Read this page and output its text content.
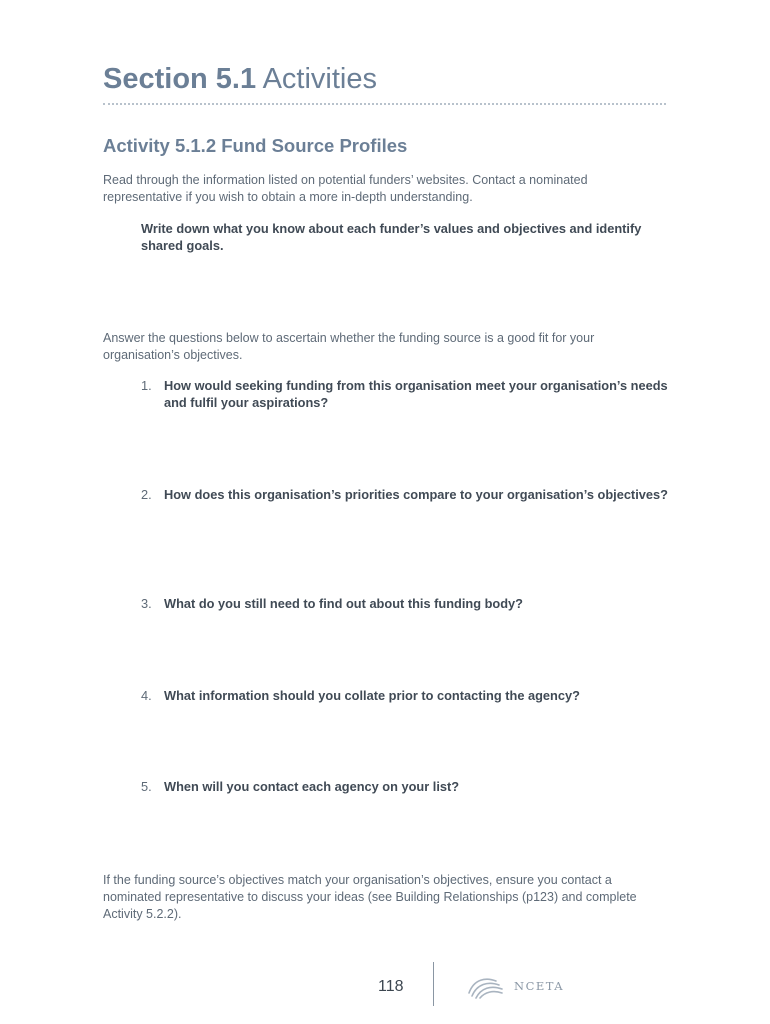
Section 5.1 Activities
Activity 5.1.2 Fund Source Profiles

Read through the information listed on potential funders’ websites. Contact a nominated representative if you wish to obtain a more in-depth understanding.

Write down what you know about each funder’s values and objectives and identify shared goals.

Answer the questions below to ascertain whether the funding source is a good fit for your organisation’s objectives.

1. How would seeking funding from this organisation meet your organisation’s needs and fulfil your aspirations?
2. How does this organisation’s priorities compare to your organisation’s objectives?
3. What do you still need to find out about this funding body?
4. What information should you collate prior to contacting the agency?
5. When will you contact each agency on your list?

If the funding source’s objectives match your organisation’s objectives, ensure you contact a nominated representative to discuss your ideas (see Building Relationships (p123) and complete Activity 5.2.2).

118	NCETA
